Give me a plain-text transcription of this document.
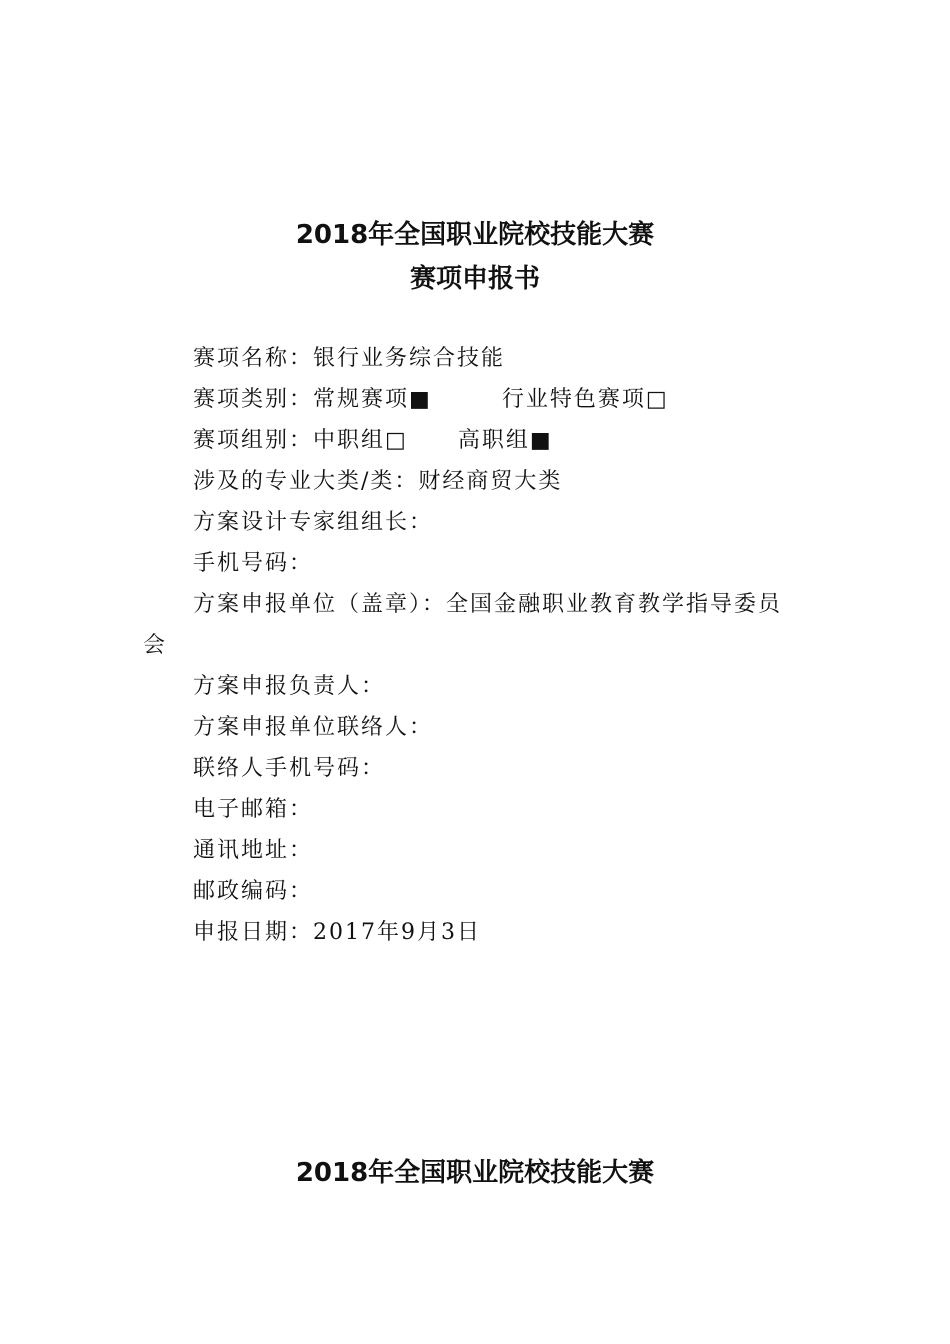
2018年全国职业院校技能大赛
赛项申报书
赛项名称：银行业务综合技能
赛项类别：常规赛项■	行业特色赛项□
赛项组别：中职组□ 高职组■
涉及的专业大类/类：财经商贸大类
方案设计专家组组长：
手机号码：
方案申报单位（盖章）：全国金融职业教育教学指导委员
会
方案申报负责人：
方案申报单位联络人：
联络人手机号码：
电子邮箱：
通讯地址：
邮政编码：
申报日期：2017年9月3日
2018年全国职业院校技能大赛
